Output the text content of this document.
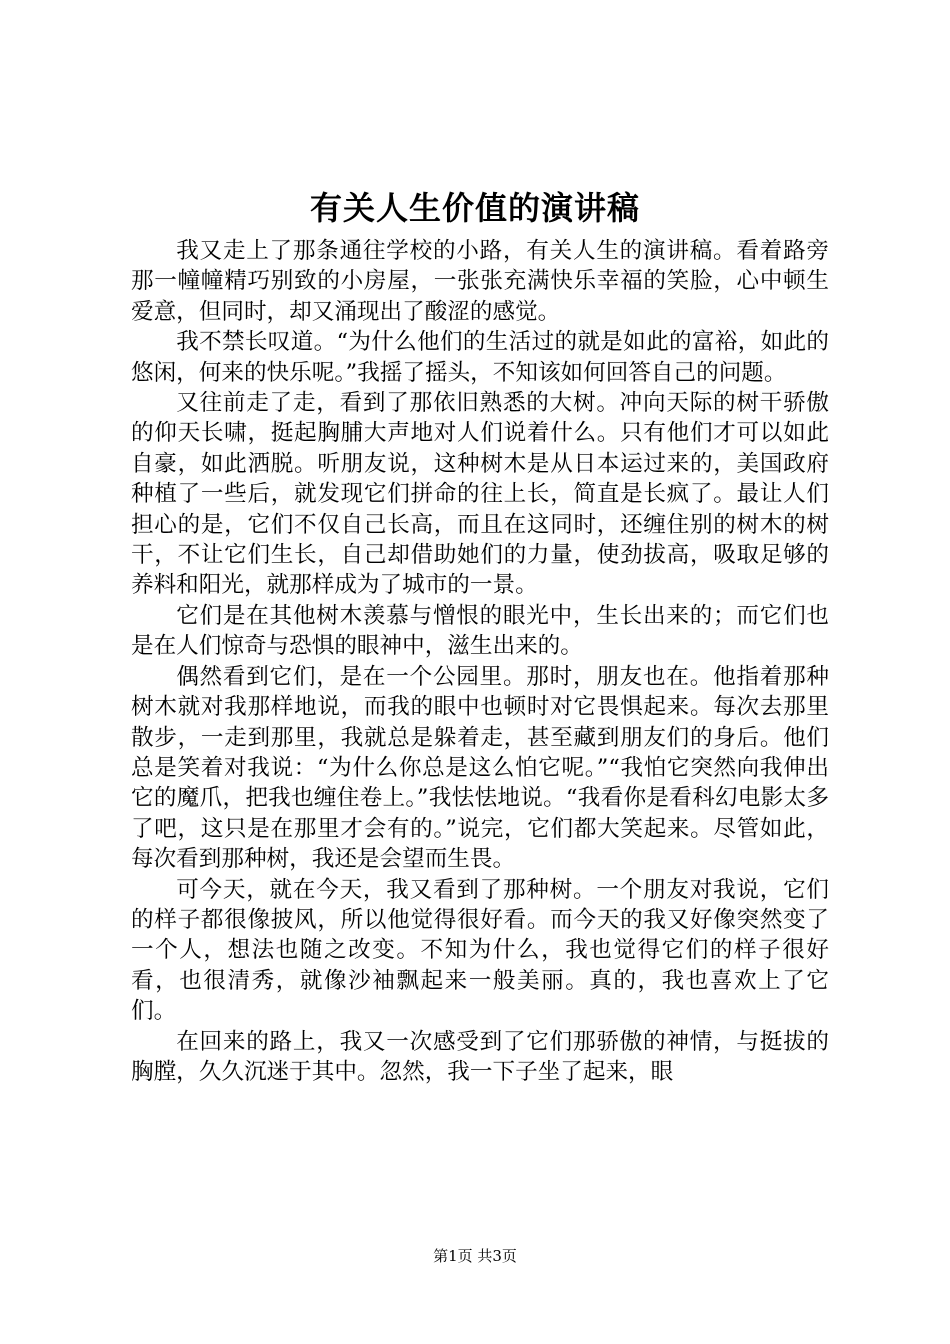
有关人生价值的演讲稿

我又走上了那条通往学校的小路，有关人生的演讲稿。看着路旁那一幢幢精巧别致的小房屋，一张张充满快乐幸福的笑脸，心中顿生爱意，但同时，却又涌现出了酸涩的感觉。

我不禁长叹道。“为什么他们的生活过的就是如此的富裕，如此的悠闲，何来的快乐呢。”我摇了摇头，不知该如何回答自己的问题。

又往前走了走，看到了那依旧熟悉的大树。冲向天际的树干骄傲的仰天长啸，挺起胸脯大声地对人们说着什么。只有他们才可以如此自豪，如此洒脱。听朋友说，这种树木是从日本运过来的，美国政府种植了一些后，就发现它们拼命的往上长，简直是长疯了。最让人们担心的是，它们不仅自己长高，而且在这同时，还缠住别的树木的树干，不让它们生长，自己却借助她们的力量，使劲拔高，吸取足够的养料和阳光，就那样成为了城市的一景。

它们是在其他树木羡慕与憎恨的眼光中，生长出来的；而它们也是在人们惊奇与恐惧的眼神中，滋生出来的。

偶然看到它们，是在一个公园里。那时，朋友也在。他指着那种树木就对我那样地说，而我的眼中也顿时对它畏惧起来。每次去那里散步，一走到那里，我就总是躲着走，甚至藏到朋友们的身后。他们总是笑着对我说：“为什么你总是这么怕它呢。”“我怕它突然向我伸出它的魔爪，把我也缠住卷上。”我怯怯地说。“我看你是看科幻电影太多了吧，这只是在那里才会有的。”说完，它们都大笑起来。尽管如此，每次看到那种树，我还是会望而生畏。

可今天，就在今天，我又看到了那种树。一个朋友对我说，它们的样子都很像披风，所以他觉得很好看。而今天的我又好像突然变了一个人，想法也随之改变。不知为什么，我也觉得它们的样子很好看，也很清秀，就像沙袖飘起来一般美丽。真的，我也喜欢上了它们。

在回来的路上，我又一次感受到了它们那骄傲的神情，与挺拔的胸膛，久久沉迷于其中。忽然，我一下子坐了起来，眼

第1页 共3页
